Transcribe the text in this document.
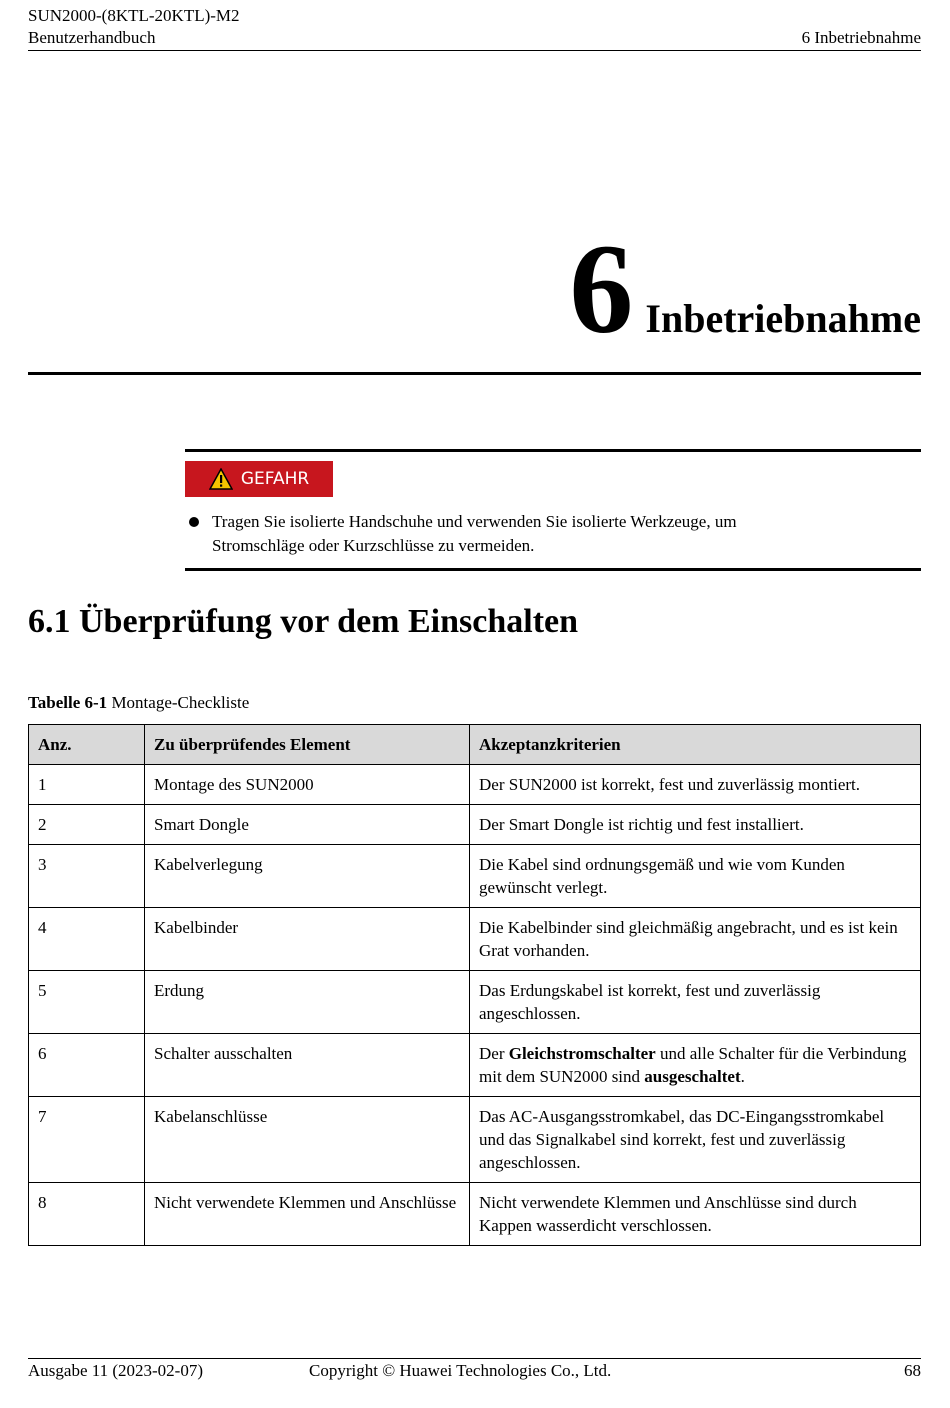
SUN2000-(8KTL-20KTL)-M2
Benutzerhandbuch	6 Inbetriebnahme
6 Inbetriebnahme
GEFAHR
Tragen Sie isolierte Handschuhe und verwenden Sie isolierte Werkzeuge, um
Stromschläge oder Kurzschlüsse zu vermeiden.
6.1 Überprüfung vor dem Einschalten
Tabelle 6-1 Montage-Checkliste
Anz.	Zu überprüfendes Element	Akzeptanzkriterien
1	Montage des SUN2000	Der SUN2000 ist korrekt, fest und zuverlässig montiert.
2	Smart Dongle	Der Smart Dongle ist richtig und fest installiert.
3	Kabelverlegung	Die Kabel sind ordnungsgemäß und wie vom Kunden gewünscht verlegt.
4	Kabelbinder	Die Kabelbinder sind gleichmäßig angebracht, und es ist kein Grat vorhanden.
5	Erdung	Das Erdungskabel ist korrekt, fest und zuverlässig angeschlossen.
6	Schalter ausschalten	Der Gleichstromschalter und alle Schalter für die Verbindung mit dem SUN2000 sind ausgeschaltet.
7	Kabelanschlüsse	Das AC-Ausgangsstromkabel, das DC-Eingangsstromkabel und das Signalkabel sind korrekt, fest und zuverlässig angeschlossen.
8	Nicht verwendete Klemmen und Anschlüsse	Nicht verwendete Klemmen und Anschlüsse sind durch Kappen wasserdicht verschlossen.
Ausgabe 11 (2023-02-07)	Copyright © Huawei Technologies Co., Ltd.	68
